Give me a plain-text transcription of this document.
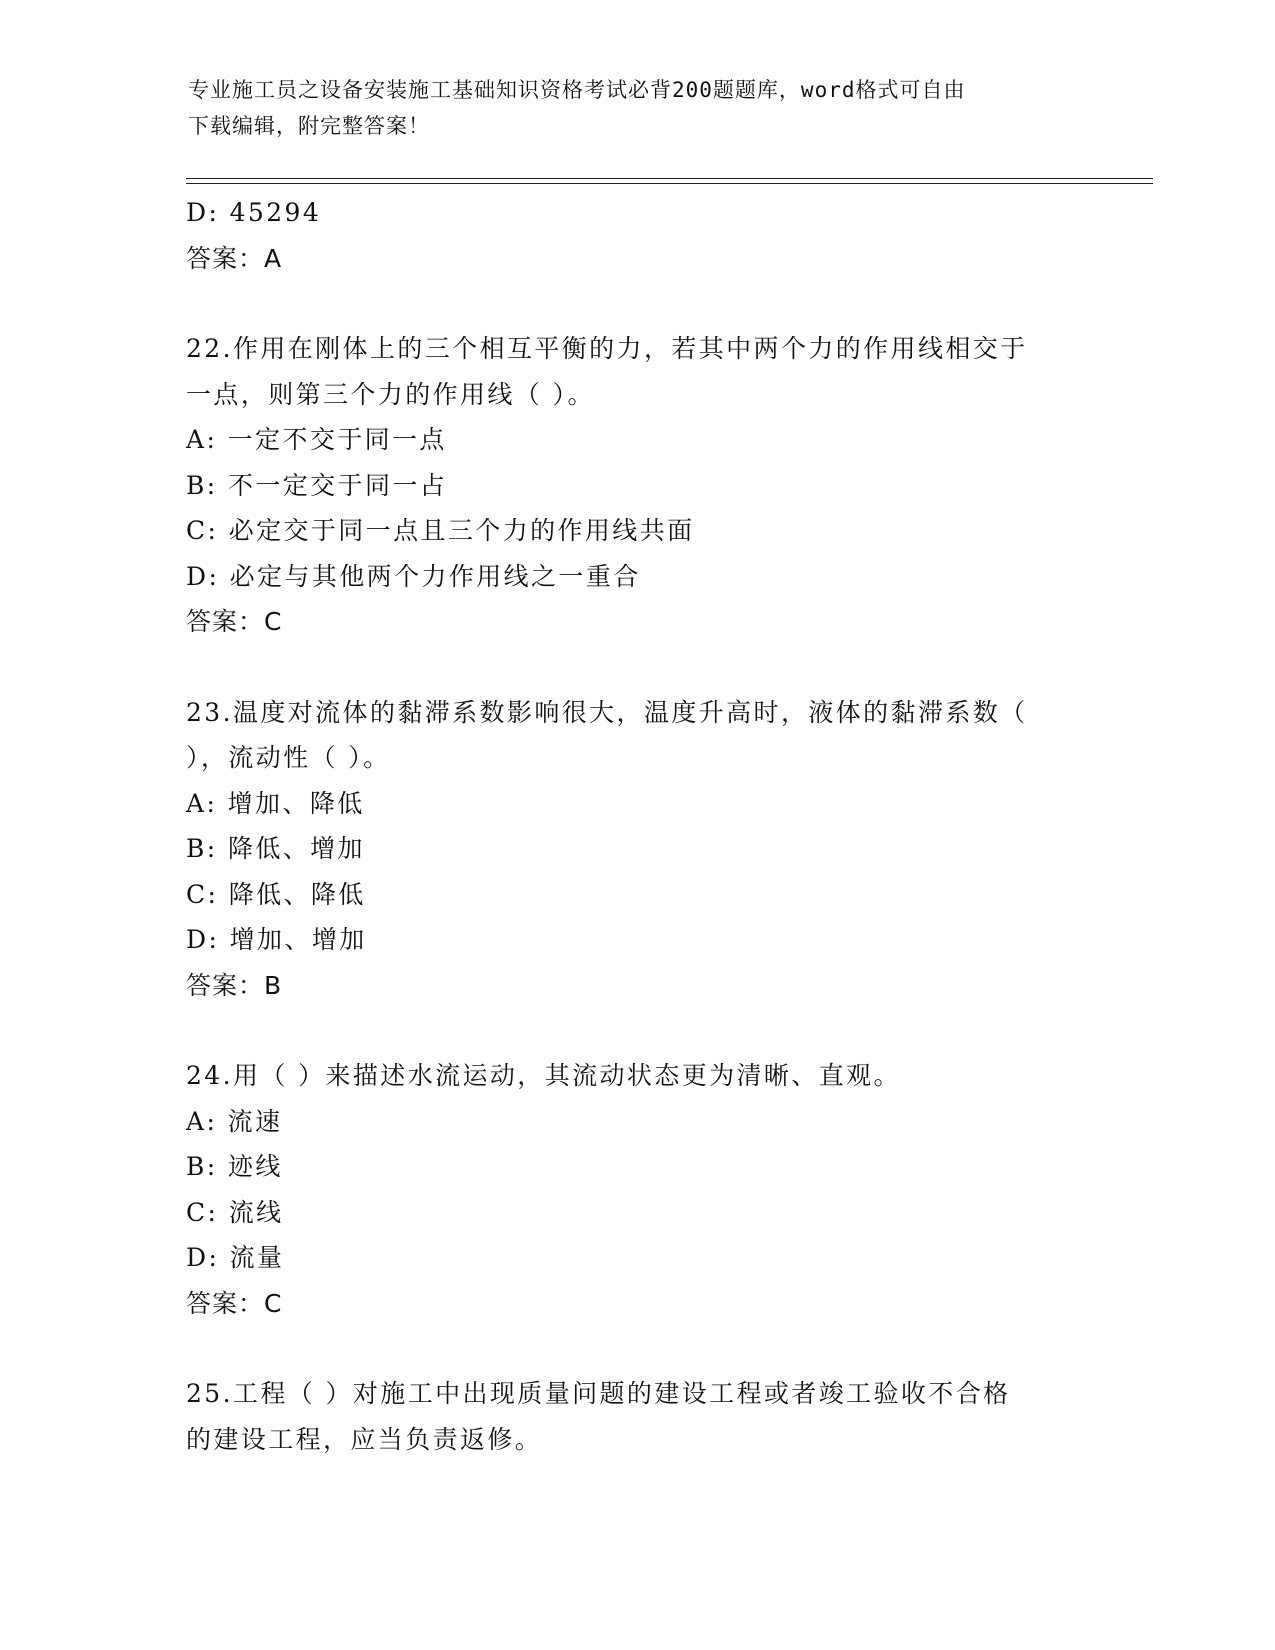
专业施工员之设备安装施工基础知识资格考试必背200题题库，word格式可自由
下载编辑，附完整答案！
D: 45294
答案：A
22.作用在刚体上的三个相互平衡的力，若其中两个力的作用线相交于
一点，则第三个力的作用线（ ）。
A: 一定不交于同一点
B: 不一定交于同一占
C: 必定交于同一点且三个力的作用线共面
D: 必定与其他两个力作用线之一重合
答案：C
23.温度对流体的黏滞系数影响很大，温度升高时，液体的黏滞系数（
），流动性（ ）。
A: 增加、降低
B: 降低、增加
C: 降低、降低
D: 增加、增加
答案：B
24.用（ ）来描述水流运动，其流动状态更为清晰、直观。
A: 流速
B: 迹线
C: 流线
D: 流量
答案：C
25.工程（ ）对施工中出现质量问题的建设工程或者竣工验收不合格
的建设工程，应当负责返修。
